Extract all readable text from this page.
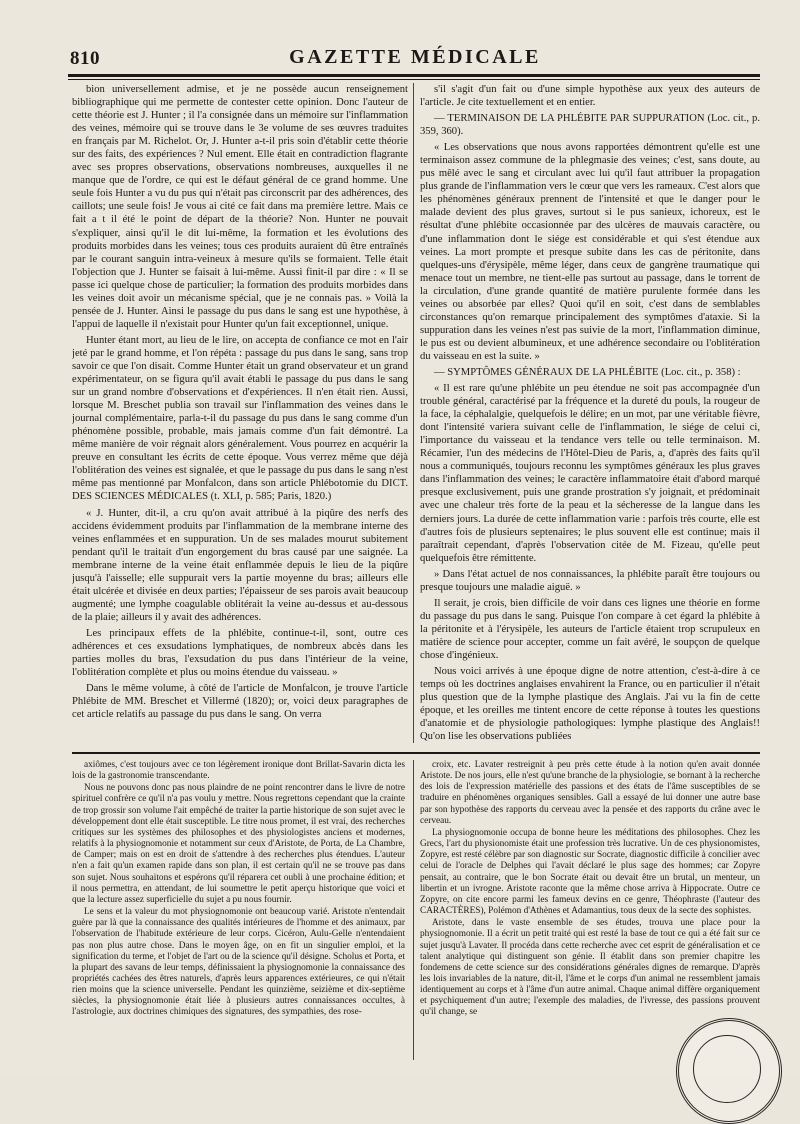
810	GAZETTE MÉDICALE

bion universellement admise, et je ne possède aucun renseignement bibliographique qui me permette de contester cette opinion. Donc l'auteur de cette théorie est J. Hunter ; il l'a consignée dans un mémoire sur l'inflammation des veines, mémoire qui se trouve dans le 3e volume de ses œuvres traduites en français par M. Richelot. Or, J. Hunter a-t-il pris soin d'établir cette théorie sur des faits, des expériences ? Nul ement. Elle était en contradiction flagrante avec ses propres observations, observations nombreuses, auxquelles il ne manque que de l'ordre, ce qui est le défaut général de ce grand homme. Une seule fois Hunter a vu du pus qui n'était pas circonscrit par des adhérences, des caillots; une seule fois! Je vous ai cité ce fait dans ma première lettre. Mais ce fait a t il été le point de départ de la théorie? Non. Hunter ne pouvait s'expliquer, ainsi qu'il le dit lui-même, la formation et les évolutions des produits morbides dans les veines; tous ces produits auraient dû être entraînés par le courant sanguin intra-veineux à mesure qu'ils se formaient. Telle était l'objection que J. Hunter se faisait à lui-même. Aussi finit-il par dire : « Il se passe ici quelque chose de particulier; la formation des produits morbides dans les veines doit avoir un mécanisme spécial, que je ne connais pas. » Voilà la pensée de J. Hunter. Ainsi le passage du pus dans le sang est une hypothèse, à l'appui de laquelle il n'existait pour Hunter qu'un fait exceptionnel, unique.

Hunter étant mort, au lieu de le lire, on accepta de confiance ce mot en l'air jeté par le grand homme, et l'on répéta : passage du pus dans le sang, sans trop savoir ce que l'on disait. Comme Hunter était un grand observateur et un grand expérimentateur, on se figura qu'il avait établi le passage du pus dans le sang sur un grand nombre d'observations et d'expériences. Il n'en était rien. Aussi, lorsque M. Breschet publia son travail sur l'inflammation des veines dans le journal complémentaire, parla-t-il du passage du pus dans le sang comme d'un phénomène possible, probable, mais jamais comme d'un fait démontré. La même manière de voir régnait alors généralement. Vous pourrez en acquérir la preuve en consultant les écrits de cette époque. Vous verrez même que déjà l'oblitération des veines est signalée, et que le passage du pus dans le sang n'est même pas mentionné par Monfalcon, dans son article Phlébotomie du DICT. DES SCIENCES MÉDICALES (t. XLI, p. 585; Paris, 1820.)

« J. Hunter, dit-il, a cru qu'on avait attribué à la piqûre des nerfs des accidens évidemment produits par l'inflammation de la membrane interne des veines enflammées et en suppuration. Un de ses malades mourut subitement pendant qu'il le traitait d'un engorgement du bras causé par une saignée. La membrane interne de la veine était enflammée depuis le lieu de la piqûre jusqu'à l'aisselle; elle suppurait vers la partie moyenne du bras; ailleurs elle était ulcérée et divisée en deux parties; l'épaisseur de ses parois avait beaucoup augmenté; une lymphe coagulable oblitérait la veine au-dessus et au-dessous de la plaie; ailleurs il y avait des adhérences.

Les principaux effets de la phlébite, continue-t-il, sont, outre ces adhérences et ces exsudations lymphatiques, de nombreux abcès dans les parties molles du bras, l'exsudation du pus dans l'intérieur de la veine, l'oblitération complète et plus ou moins étendue du vaisseau. »

Dans le même volume, à côté de l'article de Monfalcon, je trouve l'article Phlébite de MM. Breschet et Villermé (1820); or, voici deux paragraphes de cet article relatifs au passage du pus dans le sang. On verra

s'il s'agit d'un fait ou d'une simple hypothèse aux yeux des auteurs de l'article. Je cite textuellement et en entier.

— TERMINAISON DE LA PHLÉBITE PAR SUPPURATION (Loc. cit., p. 359, 360).

« Les observations que nous avons rapportées démontrent qu'elle est une terminaison assez commune de la phlegmasie des veines; c'est, sans doute, au pus mêlé avec le sang et circulant avec lui qu'il faut attribuer la propagation plus grande de l'inflammation vers le cœur que vers les rameaux. C'est alors que les phénomènes généraux prennent de l'intensité et que le danger pour le malade devient des plus graves, surtout si le pus sanieux, ichoreux, est le résultat d'une phlébite occasionnée par des ulcères de mauvais caractère, ou d'une inflammation dont le siége est considérable et qui s'est étendue aux veines. La mort prompte et presque subite dans les cas de péritonite, dans quelques-uns d'érysipèle, même léger, dans ceux de gangrène traumatique qui menace tout un membre, ne tient-elle pas surtout au passage, dans le torrent de la circulation, d'une grande quantité de matière purulente formée dans les veines ou absorbée par elles? Quoi qu'il en soit, c'est dans de semblables circonstances qu'on remarque principalement des symptômes d'ataxie. Si la suppuration dans les veines n'est pas suivie de la mort, l'inflammation diminue, le pus est ou devient albumineux, et une adhérence secondaire ou l'oblitération du vaisseau en est la suite. »

— SYMPTÔMES GÉNÉRAUX DE LA PHLÉBITE (Loc. cit., p. 358) :

« Il est rare qu'une phlébite un peu étendue ne soit pas accompagnée d'un trouble général, caractérisé par la fréquence et la dureté du pouls, la rougeur de la face, la céphalalgie, quelquefois le délire; en un mot, par une véritable fièvre, dont l'intensité variera suivant celle de l'inflammation, le siége de celui ci, l'importance du vaisseau et la tendance vers telle ou telle terminaison. M. Récamier, l'un des médecins de l'Hôtel-Dieu de Paris, a, d'après des faits qu'il nous a communiqués, toujours reconnu les symptômes généraux les plus graves dans l'inflammation des veines; le caractère inflammatoire était d'abord marqué presque exclusivement, puis une grande prostration s'y joignait, et prédominait avec une chaleur très forte de la peau et la sécheresse de la langue dans les derniers jours. La durée de cette inflammation varie : parfois très courte, elle est d'autres fois de plusieurs septenaires; le plus souvent elle est continue; mais il paraîtrait cependant, d'après l'observation citée de M. Fizeau, qu'elle peut quelquefois être rémittente.

» Dans l'état actuel de nos connaissances, la phlébite paraît être toujours ou presque toujours une maladie aiguë. »

Il serait, je crois, bien difficile de voir dans ces lignes une théorie en forme du passage du pus dans le sang. Puisque l'on compare à cet égard la phlébite à la péritonite et à l'érysipèle, les auteurs de l'article étaient trop scrupuleux en matière de science pour accepter, comme un fait avéré, le soupçon de quelque chose d'ingénieux.

Nous voici arrivés à une époque digne de notre attention, c'est-à-dire à ce temps où les doctrines anglaises envahirent la France, ou en particulier il n'était plus question que de la lymphe plastique des Anglais. J'ai vu la fin de cette époque, et les oreilles me tintent encore de cette réponse à toutes les questions d'anatomie et de physiologie pathologiques: lymphe plastique des Anglais!! Qu'on lise les observations publiées

axiômes, c'est toujours avec ce ton légèrement ironique dont Brillat-Savarin dicta les lois de la gastronomie transcendante.

Nous ne pouvons donc pas nous plaindre de ne point rencontrer dans le livre de notre spirituel confrère ce qu'il n'a pas voulu y mettre. Nous regrettons cependant que la crainte de trop grossir son volume l'ait empêché de traiter la partie historique de son sujet avec le développement dont elle était susceptible. Le titre nous promet, il est vrai, des recherches critiques sur les systèmes des philosophes et des physiologistes anciens et modernes, relatifs à la physiognomonie et notamment sur ceux d'Aristote, de Porta, de La Chambre, de Camper; mais on est en droit de s'attendre à des recherches plus étendues. L'auteur n'en a fait qu'un examen rapide dans son plan, il est certain qu'il ne se trouve pas dans son sujet. Nous souhaitons et espérons qu'il réparera cet oubli à une prochaine édition; et il nous permettra, en attendant, de lui soumettre le petit aperçu historique que voici et que la lecture assez superficielle du sujet a pu nous fournir.

Le sens et la valeur du mot physiognomonie ont beaucoup varié. Aristote n'entendait guère par là que la connaissance des qualités intérieures de l'homme et des animaux, par l'observation de l'habitude extérieure de leur corps. Cicéron, Aulu-Gelle n'entendaient pas non plus autre chose. Dans le moyen âge, on en fit un singulier emploi, et la signification du terme, et l'objet de l'art ou de la science qu'il désigne. Scholus et Porta, et la plupart des savans de leur temps, définissaient la physiognomonie la connaissance des propriétés cachées des êtres naturels, d'après leurs apparences extérieures, ce qui n'était rien moins que la science universelle. Pendant les quinzième, seizième et dix-septième siècles, la physiognomonie était liée à plusieurs autres connaissances occultes, à l'astrologie, aux doctrines chimiques des signatures, des sympathies, des rose-

croix, etc. Lavater restreignit à peu près cette étude à la notion qu'en avait donnée Aristote. De nos jours, elle n'est qu'une branche de la physiologie, se bornant à la recherche des lois de l'expression matérielle des passions et des états de l'âme susceptibles de se traduire en phénomènes organiques sensibles. Gall a essayé de lui donner une autre base par son hypothèse des rapports du cerveau avec la pensée et des rapports du crâne avec le cerveau.

La physiognomonie occupa de bonne heure les méditations des philosophes. Chez les Grecs, l'art du physionomiste était une profession très lucrative. Un de ces physionomistes, Zopyre, est resté célèbre par son diagnostic sur Socrate, diagnostic difficile à concilier avec celui de l'oracle de Delphes qui l'avait déclaré le plus sage des hommes; car Zopyre pensait, au contraire, que le bon Socrate était ou devait être un brutal, un menteur, un libertin et un ivrogne. Aristote raconte que la même chose arriva à Hippocrate. Outre ce Zopyre, on cite encore parmi les fameux devins en ce genre, Théophraste (l'auteur des CARACTÈRES), Polémon d'Athènes et Adamantius, tous deux de la secte des sophistes.

Aristote, dans le vaste ensemble de ses études, trouva une place pour la physiognomonie. Il a écrit un petit traité qui est resté la base de tout ce qui a été fait sur ce sujet jusqu'à Lavater. Il procéda dans cette recherche avec cet esprit de généralisation et ce talent analytique qui distinguent son génie. Il établit dans son premier chapitre les fondemens de cette science sur des considérations générales dignes de remarque. D'après les lois invariables de la nature, dit-il, l'âme et le corps d'un animal ne ressemblent jamais identiquement au corps et à l'âme d'un autre animal. Chaque animal diffère organiquement et psychiquement d'un autre; l'exemple des maladies, de l'ivresse, des passions prouvent qu'il change, se
